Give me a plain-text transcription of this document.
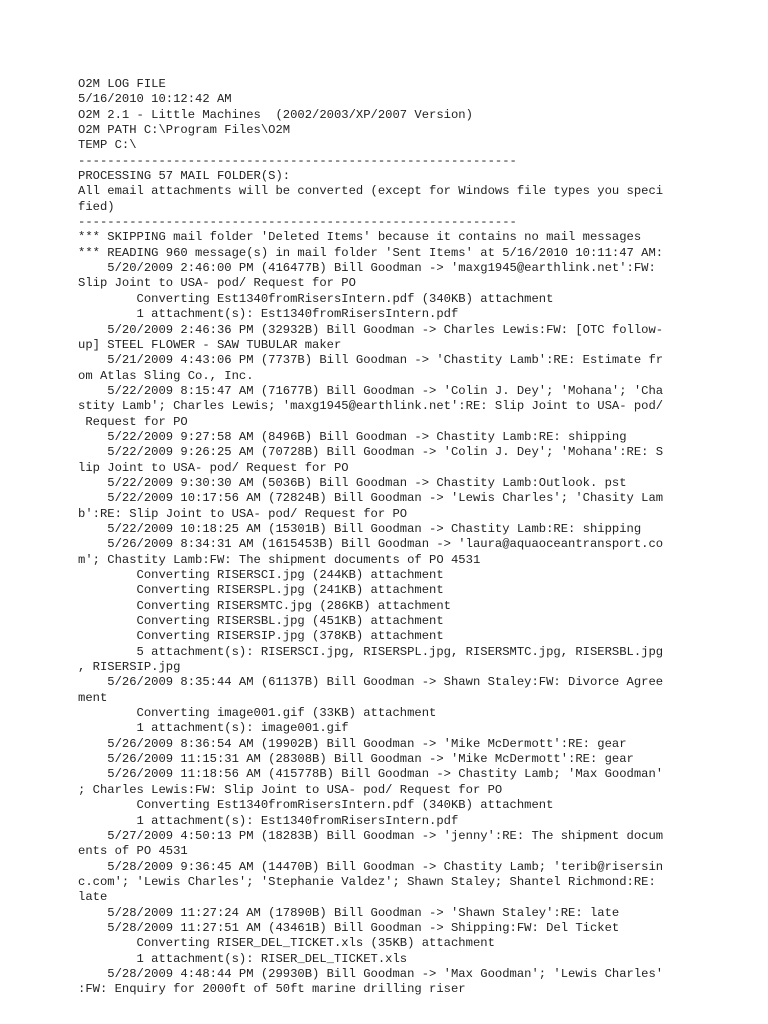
O2M LOG FILE
5/16/2010 10:12:42 AM
O2M 2.1 - Little Machines  (2002/2003/XP/2007 Version)
O2M PATH C:\Program Files\O2M
TEMP C:\
------------------------------------------------------------
PROCESSING 57 MAIL FOLDER(S):
All email attachments will be converted (except for Windows file types you speci
fied)
------------------------------------------------------------
*** SKIPPING mail folder 'Deleted Items' because it contains no mail messages
*** READING 960 message(s) in mail folder 'Sent Items' at 5/16/2010 10:11:47 AM:
5/20/2009 2:46:00 PM (416477B) Bill Goodman -> 'maxg1945@earthlink.net':FW:
Slip Joint to USA- pod/ Request for PO
Converting Est1340fromRisersIntern.pdf (340KB) attachment
1 attachment(s): Est1340fromRisersIntern.pdf
5/20/2009 2:46:36 PM (32932B) Bill Goodman -> Charles Lewis:FW: [OTC follow-
up] STEEL FLOWER - SAW TUBULAR maker
5/21/2009 4:43:06 PM (7737B) Bill Goodman -> 'Chastity Lamb':RE: Estimate fr
om Atlas Sling Co., Inc.
5/22/2009 8:15:47 AM (71677B) Bill Goodman -> 'Colin J. Dey'; 'Mohana'; 'Cha
stity Lamb'; Charles Lewis; 'maxg1945@earthlink.net':RE: Slip Joint to USA- pod/
Request for PO
5/22/2009 9:27:58 AM (8496B) Bill Goodman -> Chastity Lamb:RE: shipping
5/22/2009 9:26:25 AM (70728B) Bill Goodman -> 'Colin J. Dey'; 'Mohana':RE: S
lip Joint to USA- pod/ Request for PO
5/22/2009 9:30:30 AM (5036B) Bill Goodman -> Chastity Lamb:Outlook. pst
5/22/2009 10:17:56 AM (72824B) Bill Goodman -> 'Lewis Charles'; 'Chasity Lam
b':RE: Slip Joint to USA- pod/ Request for PO
5/22/2009 10:18:25 AM (15301B) Bill Goodman -> Chastity Lamb:RE: shipping
5/26/2009 8:34:31 AM (1615453B) Bill Goodman -> 'laura@aquaoceantransport.co
m'; Chastity Lamb:FW: The shipment documents of PO 4531
Converting RISERSCI.jpg (244KB) attachment
Converting RISERSPL.jpg (241KB) attachment
Converting RISERSMTC.jpg (286KB) attachment
Converting RISERSBL.jpg (451KB) attachment
Converting RISERSIP.jpg (378KB) attachment
5 attachment(s): RISERSCI.jpg, RISERSPL.jpg, RISERSMTC.jpg, RISERSBL.jpg
, RISERSIP.jpg
5/26/2009 8:35:44 AM (61137B) Bill Goodman -> Shawn Staley:FW: Divorce Agree
ment
Converting image001.gif (33KB) attachment
1 attachment(s): image001.gif
5/26/2009 8:36:54 AM (19902B) Bill Goodman -> 'Mike McDermott':RE: gear
5/26/2009 11:15:31 AM (28308B) Bill Goodman -> 'Mike McDermott':RE: gear
5/26/2009 11:18:56 AM (415778B) Bill Goodman -> Chastity Lamb; 'Max Goodman'
; Charles Lewis:FW: Slip Joint to USA- pod/ Request for PO
Converting Est1340fromRisersIntern.pdf (340KB) attachment
1 attachment(s): Est1340fromRisersIntern.pdf
5/27/2009 4:50:13 PM (18283B) Bill Goodman -> 'jenny':RE: The shipment docum
ents of PO 4531
5/28/2009 9:36:45 AM (14470B) Bill Goodman -> Chastity Lamb; 'terib@risersin
c.com'; 'Lewis Charles'; 'Stephanie Valdez'; Shawn Staley; Shantel Richmond:RE:
late
5/28/2009 11:27:24 AM (17890B) Bill Goodman -> 'Shawn Staley':RE: late
5/28/2009 11:27:51 AM (43461B) Bill Goodman -> Shipping:FW: Del Ticket
Converting RISER_DEL_TICKET.xls (35KB) attachment
1 attachment(s): RISER_DEL_TICKET.xls
5/28/2009 4:48:44 PM (29930B) Bill Goodman -> 'Max Goodman'; 'Lewis Charles'
:FW: Enquiry for 2000ft of 50ft marine drilling riser
